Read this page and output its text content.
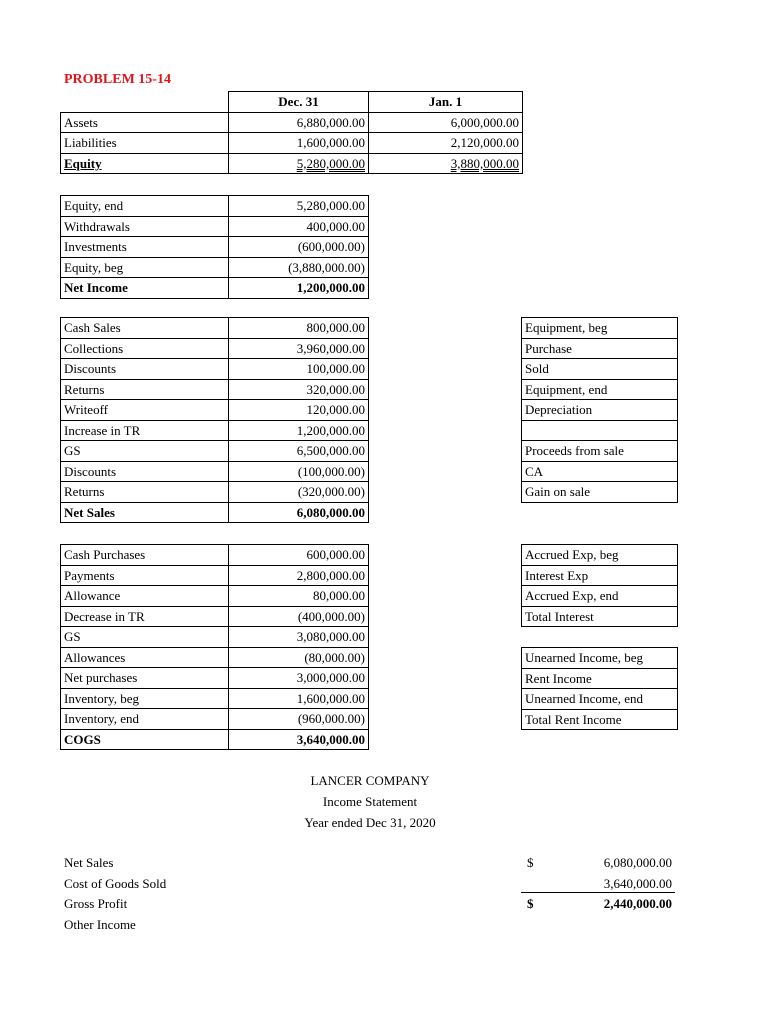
PROBLEM 15-14
	Dec. 31	Jan. 1
Assets	6,880,000.00	6,000,000.00
Liabilities	1,600,000.00	2,120,000.00
Equity	5,280,000.00	3,880,000.00
Equity, end	5,280,000.00
Withdrawals	400,000.00
Investments	(600,000.00)
Equity, beg	(3,880,000.00)
Net Income	1,200,000.00
Cash Sales	800,000.00
Collections	3,960,000.00
Discounts	100,000.00
Returns	320,000.00
Writeoff	120,000.00
Increase in TR	1,200,000.00
GS	6,500,000.00
Discounts	(100,000.00)
Returns	(320,000.00)
Net Sales	6,080,000.00
Cash Purchases	600,000.00
Payments	2,800,000.00
Allowance	80,000.00
Decrease in TR	(400,000.00)
GS	3,080,000.00
Allowances	(80,000.00)
Net purchases	3,000,000.00
Inventory, beg	1,600,000.00
Inventory, end	(960,000.00)
COGS	3,640,000.00
Equipment, beg
Purchase
Sold
Equipment, end
Depreciation

Proceeds from sale
CA
Gain on sale
Accrued Exp, beg
Interest Exp
Accrued Exp, end
Total Interest
Unearned Income, beg
Rent Income
Unearned Income, end
Total Rent Income
LANCER COMPANY
Income Statement
Year ended Dec 31, 2020
Net Sales	$	6,080,000.00
Cost of Goods Sold	3,640,000.00
Gross Profit	$	2,440,000.00
Other Income
